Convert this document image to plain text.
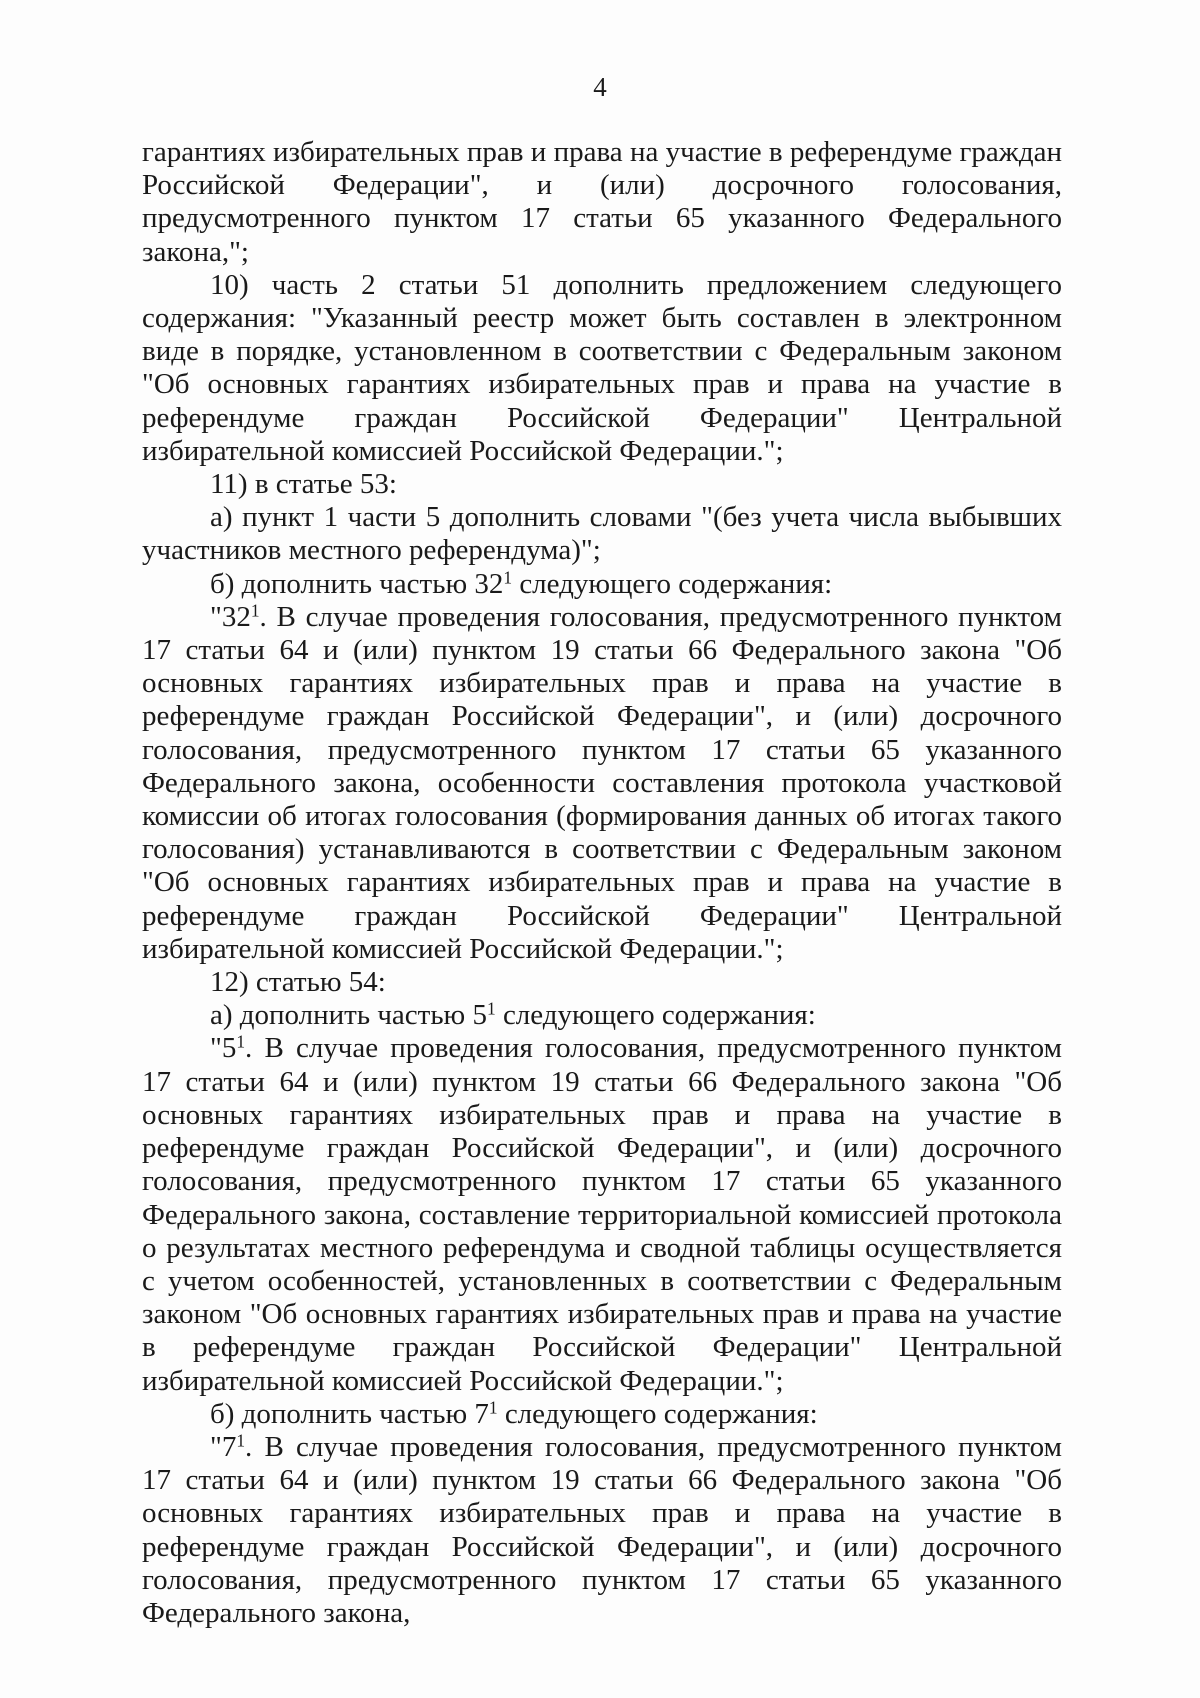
4

гарантиях избирательных прав и права на участие в референдуме граждан Российской Федерации", и (или) досрочного голосования, предусмотренного пунктом 17 статьи 65 указанного Федерального закона,";

10) часть 2 статьи 51 дополнить предложением следующего содержания: "Указанный реестр может быть составлен в электронном виде в порядке, установленном в соответствии с Федеральным законом "Об основных гарантиях избирательных прав и права на участие в референдуме граждан Российской Федерации" Центральной избирательной комиссией Российской Федерации.";

11) в статье 53:

а) пункт 1 части 5 дополнить словами "(без учета числа выбывших участников местного референдума)";

б) дополнить частью $32^1$ следующего содержания:

"$32^1$. В случае проведения голосования, предусмотренного пунктом 17 статьи 64 и (или) пунктом 19 статьи 66 Федерального закона "Об основных гарантиях избирательных прав и права на участие в референдуме граждан Российской Федерации", и (или) досрочного голосования, предусмотренного пунктом 17 статьи 65 указанного Федерального закона, особенности составления протокола участковой комиссии об итогах голосования (формирования данных об итогах такого голосования) устанавливаются в соответствии с Федеральным законом "Об основных гарантиях избирательных прав и права на участие в референдуме граждан Российской Федерации" Центральной избирательной комиссией Российской Федерации.";

12) статью 54:

а) дополнить частью $5^1$ следующего содержания:

"$5^1$. В случае проведения голосования, предусмотренного пунктом 17 статьи 64 и (или) пунктом 19 статьи 66 Федерального закона "Об основных гарантиях избирательных прав и права на участие в референдуме граждан Российской Федерации", и (или) досрочного голосования, предусмотренного пунктом 17 статьи 65 указанного Федерального закона, составление территориальной комиссией протокола о результатах местного референдума и сводной таблицы осуществляется с учетом особенностей, установленных в соответствии с Федеральным законом "Об основных гарантиях избирательных прав и права на участие в референдуме граждан Российской Федерации" Центральной избирательной комиссией Российской Федерации.";

б) дополнить частью $7^1$ следующего содержания:

"$7^1$. В случае проведения голосования, предусмотренного пунктом 17 статьи 64 и (или) пунктом 19 статьи 66 Федерального закона "Об основных гарантиях избирательных прав и права на участие в референдуме граждан Российской Федерации", и (или) досрочного голосования, предусмотренного пунктом 17 статьи 65 указанного Федерального закона,
